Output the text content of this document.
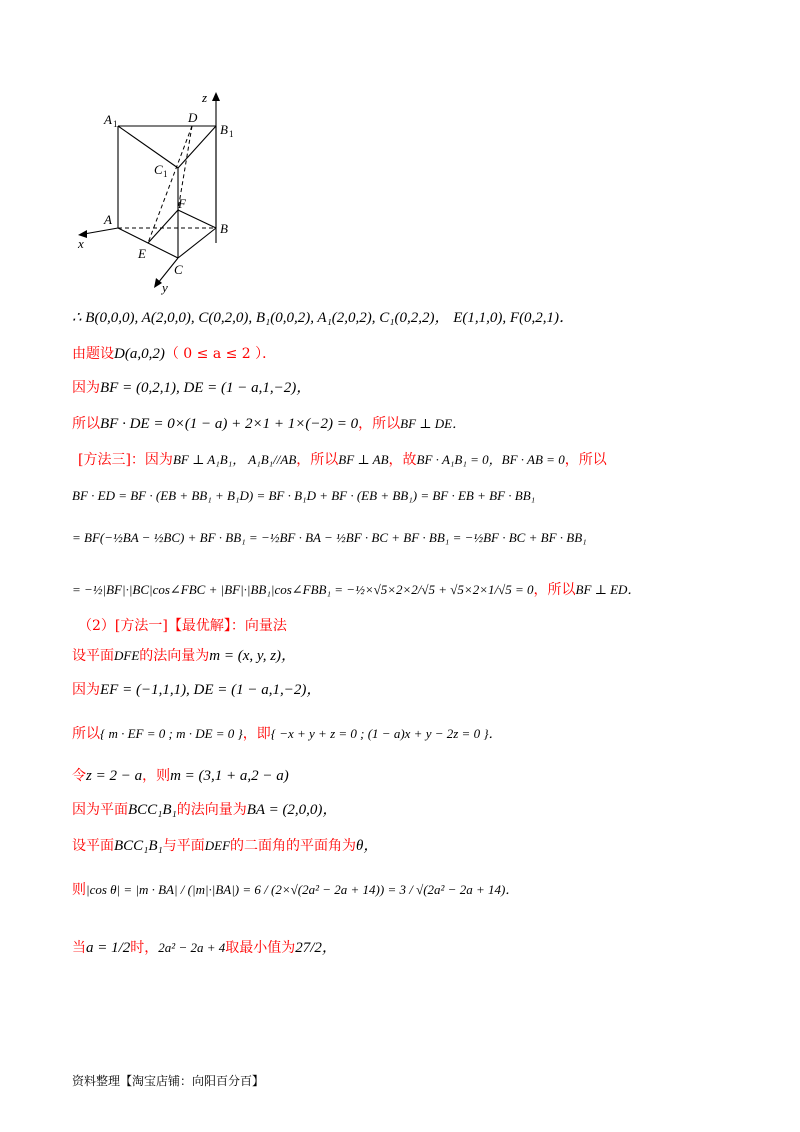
z
x
y
A 1	D
B 1
C 1
F
A
B
E
C
∴ B(0,0,0), A(2,0,0), C(0,2,0), B₁(0,0,2), A₁(2,0,2), C₁(0,2,2)， E(1,1,0), F(0,2,1)．
由题设D(a,0,2)（ 0 ≤ a ≤ 2 ）．
因为BF = (0,2,1), DE = (1 − a,1,−2)，
所以BF · DE = 0×(1 − a) + 2×1 + 1×(−2) = 0，所以BF ⊥ DE．
[方法三]：因为BF ⊥ A₁B₁， A₁B₁//AB，所以BF ⊥ AB，故BF · A₁B₁ = 0，BF · AB = 0，所以
BF · ED = BF · (EB + BB₁ + B₁D) = BF · B₁D + BF · (EB + BB₁) = BF · EB + BF · BB₁
= BF(−½BA − ½BC) + BF · BB₁ = −½BF · BA − ½BF · BC + BF · BB₁ = −½BF · BC + BF · BB₁
= −½|BF|·|BC|cos∠FBC + |BF|·|BB₁|cos∠FBB₁ = −½×√5×2×2/√5 + √5×2×1/√5 = 0，所以BF ⊥ ED．
（2）[方法一]【最优解】：向量法
设平面DFE的法向量为m = (x, y, z)，
因为EF = (−1,1,1), DE = (1 − a,1,−2)，
所以{ m · EF = 0 ; m · DE = 0 }，即{ −x + y + z = 0 ; (1 − a)x + y − 2z = 0 }．
令z = 2 − a，则m = (3,1 + a,2 − a)
因为平面BCC₁B₁的法向量为BA = (2,0,0)，
设平面BCC₁B₁与平面DEF的二面角的平面角为θ，
则|cos θ| = |m · BA| / (|m|·|BA|) = 6 / (2×√(2a² − 2a + 14)) = 3 / √(2a² − 2a + 14)．
当a = 1/2时，2a² − 2a + 4取最小值为27/2，
资料整理【淘宝店铺：向阳百分百】
